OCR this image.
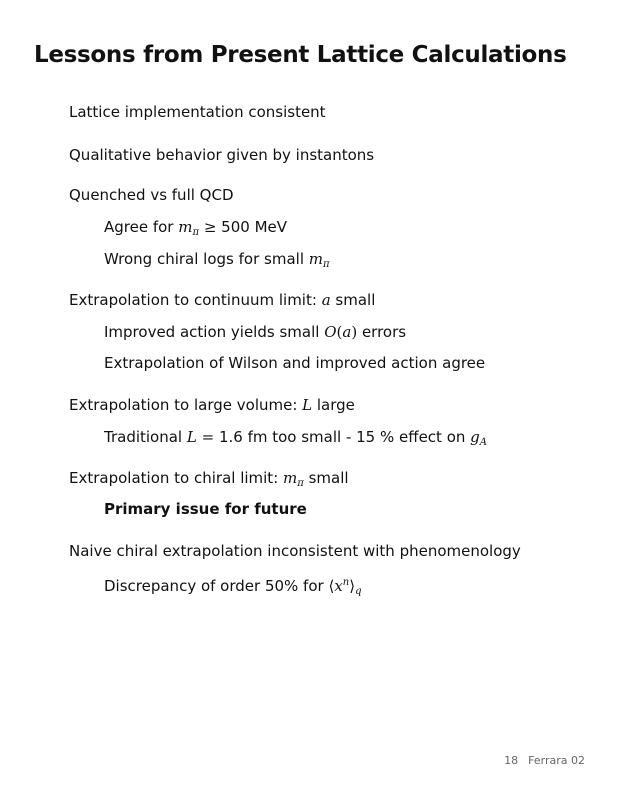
Lessons from Present Lattice Calculations
Lattice implementation consistent
Qualitative behavior given by instantons
Quenched vs full QCD
Agree for $m_\pi \ge 500$ MeV
Wrong chiral logs for small $m_\pi$
Extrapolation to continuum limit: a small
Improved action yields small O(a) errors
Extrapolation of Wilson and improved action agree
Extrapolation to large volume: L large
Traditional L = 1.6 fm too small - 15 % effect on $g_A$
Extrapolation to chiral limit: $m_\pi$ small
Primary issue for future
Naive chiral extrapolation inconsistent with phenomenology
Discrepancy of order 50% for $⟨x^n⟩_q$
18 Ferrara 02
